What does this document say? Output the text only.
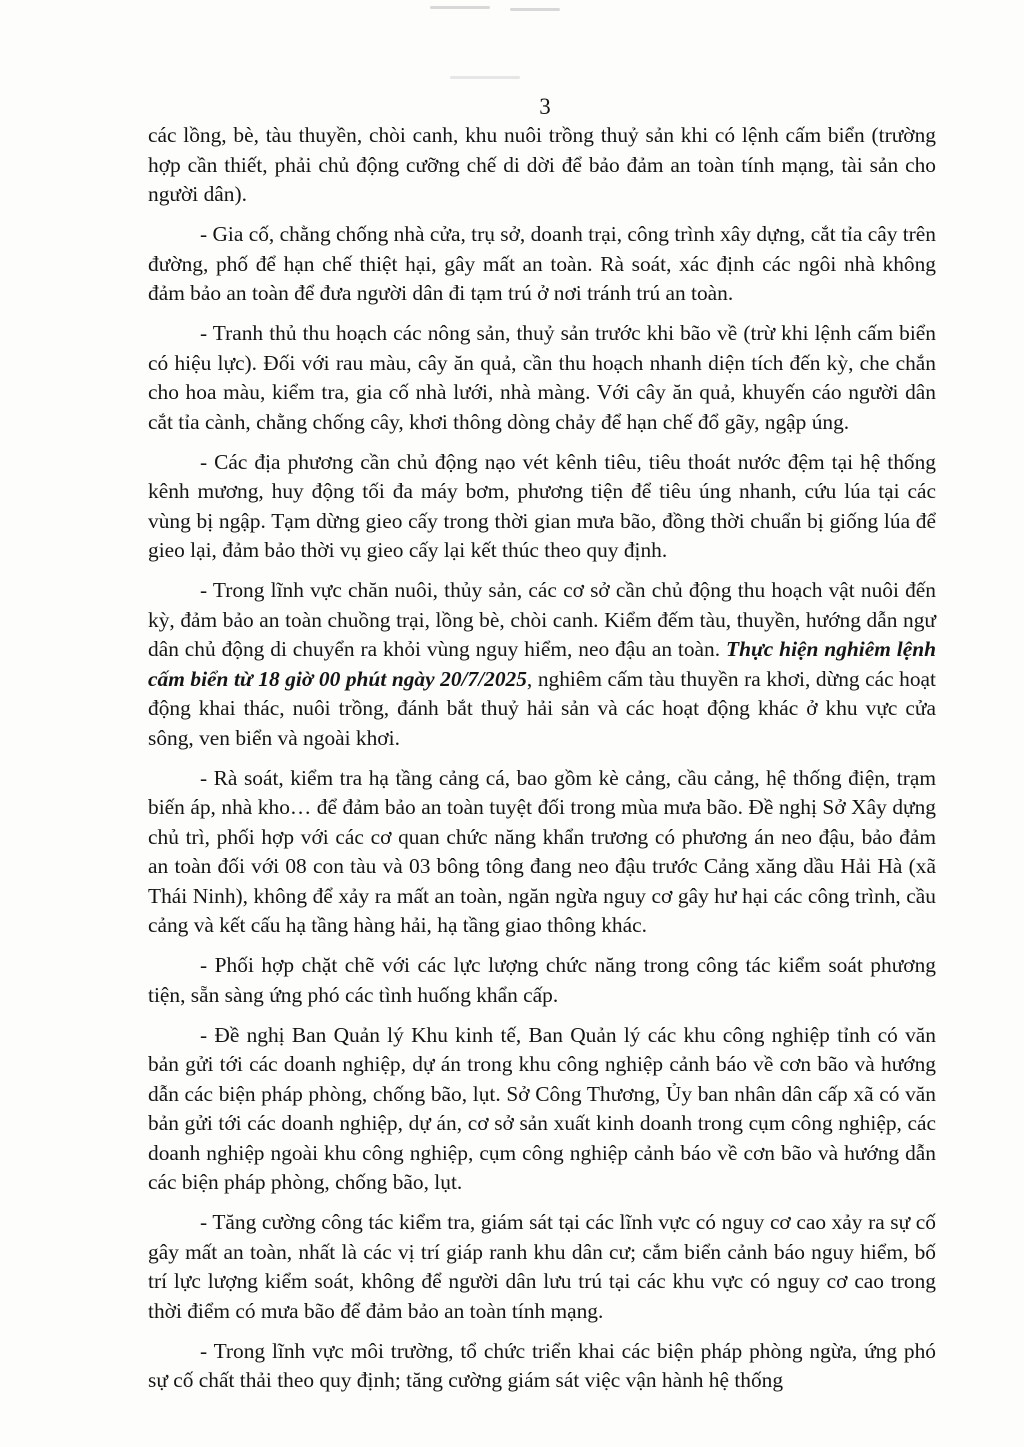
3

các lồng, bè, tàu thuyền, chòi canh, khu nuôi trồng thuỷ sản khi có lệnh cấm biển (trường hợp cần thiết, phải chủ động cưỡng chế di dời để bảo đảm an toàn tính mạng, tài sản cho người dân).

- Gia cố, chằng chống nhà cửa, trụ sở, doanh trại, công trình xây dựng, cắt tỉa cây trên đường, phố để hạn chế thiệt hại, gây mất an toàn. Rà soát, xác định các ngôi nhà không đảm bảo an toàn để đưa người dân đi tạm trú ở nơi tránh trú an toàn.

- Tranh thủ thu hoạch các nông sản, thuỷ sản trước khi bão về (trừ khi lệnh cấm biển có hiệu lực). Đối với rau màu, cây ăn quả, cần thu hoạch nhanh diện tích đến kỳ, che chắn cho hoa màu, kiểm tra, gia cố nhà lưới, nhà màng. Với cây ăn quả, khuyến cáo người dân cắt tỉa cành, chằng chống cây, khơi thông dòng chảy để hạn chế đổ gãy, ngập úng.

- Các địa phương cần chủ động nạo vét kênh tiêu, tiêu thoát nước đệm tại hệ thống kênh mương, huy động tối đa máy bơm, phương tiện để tiêu úng nhanh, cứu lúa tại các vùng bị ngập. Tạm dừng gieo cấy trong thời gian mưa bão, đồng thời chuẩn bị giống lúa để gieo lại, đảm bảo thời vụ gieo cấy lại kết thúc theo quy định.

- Trong lĩnh vực chăn nuôi, thủy sản, các cơ sở cần chủ động thu hoạch vật nuôi đến kỳ, đảm bảo an toàn chuồng trại, lồng bè, chòi canh. Kiểm đếm tàu, thuyền, hướng dẫn ngư dân chủ động di chuyển ra khỏi vùng nguy hiểm, neo đậu an toàn. Thực hiện nghiêm lệnh cấm biển từ 18 giờ 00 phút ngày 20/7/2025, nghiêm cấm tàu thuyền ra khơi, dừng các hoạt động khai thác, nuôi trồng, đánh bắt thuỷ hải sản và các hoạt động khác ở khu vực cửa sông, ven biển và ngoài khơi.

- Rà soát, kiểm tra hạ tầng cảng cá, bao gồm kè cảng, cầu cảng, hệ thống điện, trạm biến áp, nhà kho… để đảm bảo an toàn tuyệt đối trong mùa mưa bão. Đề nghị Sở Xây dựng chủ trì, phối hợp với các cơ quan chức năng khẩn trương có phương án neo đậu, bảo đảm an toàn đối với 08 con tàu và 03 bông tông đang neo đậu trước Cảng xăng dầu Hải Hà (xã Thái Ninh), không để xảy ra mất an toàn, ngăn ngừa nguy cơ gây hư hại các công trình, cầu cảng và kết cấu hạ tầng hàng hải, hạ tầng giao thông khác.

- Phối hợp chặt chẽ với các lực lượng chức năng trong công tác kiểm soát phương tiện, sẵn sàng ứng phó các tình huống khẩn cấp.

- Đề nghị Ban Quản lý Khu kinh tế, Ban Quản lý các khu công nghiệp tỉnh có văn bản gửi tới các doanh nghiệp, dự án trong khu công nghiệp cảnh báo về cơn bão và hướng dẫn các biện pháp phòng, chống bão, lụt. Sở Công Thương, Ủy ban nhân dân cấp xã có văn bản gửi tới các doanh nghiệp, dự án, cơ sở sản xuất kinh doanh trong cụm công nghiệp, các doanh nghiệp ngoài khu công nghiệp, cụm công nghiệp cảnh báo về cơn bão và hướng dẫn các biện pháp phòng, chống bão, lụt.

- Tăng cường công tác kiểm tra, giám sát tại các lĩnh vực có nguy cơ cao xảy ra sự cố gây mất an toàn, nhất là các vị trí giáp ranh khu dân cư; cắm biển cảnh báo nguy hiểm, bố trí lực lượng kiểm soát, không để người dân lưu trú tại các khu vực có nguy cơ cao trong thời điểm có mưa bão để đảm bảo an toàn tính mạng.

- Trong lĩnh vực môi trường, tổ chức triển khai các biện pháp phòng ngừa, ứng phó sự cố chất thải theo quy định; tăng cường giám sát việc vận hành hệ thống
